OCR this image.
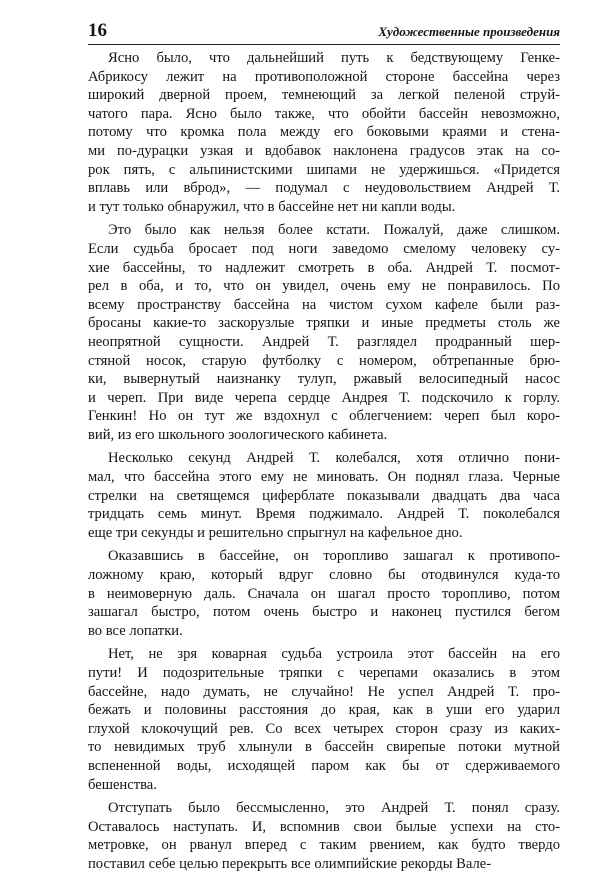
16	Художественные произведения

Ясно было, что дальнейший путь к бедствующему Генке-
Абрикосу лежит на противоположной стороне бассейна через
широкий дверной проем, темнеющий за легкой пеленой струй-
чатого пара. Ясно было также, что обойти бассейн невозможно,
потому что кромка пола между его боковыми краями и стена-
ми по-дурацки узкая и вдобавок наклонена градусов этак на со-
рок пять, с альпинистскими шипами не удержишься. «Придется
вплавь или вброд», — подумал с неудовольствием Андрей Т.
и тут только обнаружил, что в бассейне нет ни капли воды.

Это было как нельзя более кстати. Пожалуй, даже слишком.
Если судьба бросает под ноги заведомо смелому человеку су-
хие бассейны, то надлежит смотреть в оба. Андрей Т. посмот-
рел в оба, и то, что он увидел, очень ему не понравилось. По
всему пространству бассейна на чистом сухом кафеле были раз-
бросаны какие-то заскорузлые тряпки и иные предметы столь же
неопрятной сущности. Андрей Т. разглядел продранный шер-
стяной носок, старую футболку с номером, обтрепанные брю-
ки, вывернутый наизнанку тулуп, ржавый велосипедный насос
и череп. При виде черепа сердце Андрея Т. подскочило к горлу.
Генкин! Но он тут же вздохнул с облегчением: череп был коро-
вий, из его школьного зоологического кабинета.

Несколько секунд Андрей Т. колебался, хотя отлично пони-
мал, что бассейна этого ему не миновать. Он поднял глаза. Черные
стрелки на светящемся циферблате показывали двадцать два часа
тридцать семь минут. Время поджимало. Андрей Т. поколебался
еще три секунды и решительно спрыгнул на кафельное дно.

Оказавшись в бассейне, он торопливо зашагал к противопо-
ложному краю, который вдруг словно бы отодвинулся куда-то
в неимоверную даль. Сначала он шагал просто торопливо, потом
зашагал быстро, потом очень быстро и наконец пустился бегом
во все лопатки.

Нет, не зря коварная судьба устроила этот бассейн на его
пути! И подозрительные тряпки с черепами оказались в этом
бассейне, надо думать, не случайно! Не успел Андрей Т. про-
бежать и половины расстояния до края, как в уши его ударил
глухой клокочущий рев. Со всех четырех сторон сразу из каких-
то невидимых труб хлынули в бассейн свирепые потоки мутной
вспененной воды, исходящей паром как бы от сдерживаемого
бешенства.

Отступать было бессмысленно, это Андрей Т. понял сразу.
Оставалось наступать. И, вспомнив свои былые успехи на сто-
метровке, он рванул вперед с таким рвением, как будто твердо
поставил себе целью перекрыть все олимпийские рекорды Вале-
